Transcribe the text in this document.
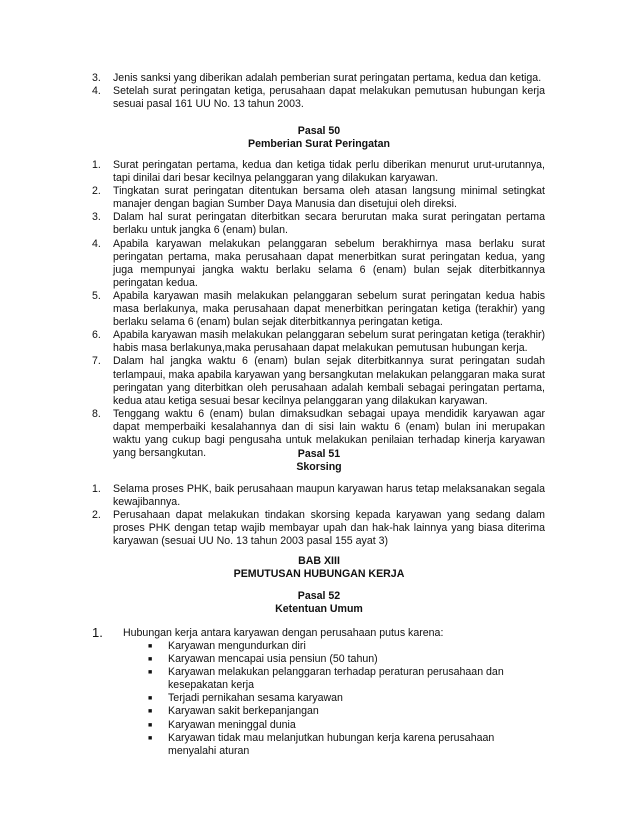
3. Jenis sanksi yang diberikan adalah pemberian surat peringatan pertama, kedua dan ketiga.
4. Setelah surat peringatan ketiga, perusahaan dapat melakukan pemutusan hubungan kerja sesuai pasal 161 UU No. 13 tahun 2003.
Pasal 50
Pemberian Surat Peringatan
1. Surat peringatan pertama, kedua dan ketiga tidak perlu diberikan menurut urut-urutannya, tapi dinilai dari besar kecilnya pelanggaran yang dilakukan karyawan.
2. Tingkatan surat peringatan ditentukan bersama oleh atasan langsung minimal setingkat manajer dengan bagian Sumber Daya Manusia dan disetujui oleh direksi.
3. Dalam hal surat peringatan diterbitkan secara berurutan maka surat peringatan pertama berlaku untuk jangka 6 (enam) bulan.
4. Apabila karyawan melakukan pelanggaran sebelum berakhirnya masa berlaku surat peringatan pertama, maka perusahaan dapat menerbitkan surat peringatan kedua, yang juga mempunyai jangka waktu berlaku selama 6 (enam) bulan sejak diterbitkannya peringatan kedua.
5. Apabila karyawan masih melakukan pelanggaran sebelum surat peringatan kedua habis masa berlakunya, maka perusahaan dapat menerbitkan peringatan ketiga (terakhir) yang berlaku selama 6 (enam) bulan sejak diterbitkannya peringatan ketiga.
6. Apabila karyawan masih melakukan pelanggaran sebelum surat peringatan ketiga (terakhir) habis masa berlakunya,maka perusahaan dapat melakukan pemutusan hubungan kerja.
7. Dalam hal jangka waktu 6 (enam) bulan sejak diterbitkannya surat peringatan sudah terlampaui, maka apabila karyawan yang bersangkutan melakukan pelanggaran maka surat peringatan yang diterbitkan oleh perusahaan adalah kembali sebagai peringatan pertama, kedua atau ketiga sesuai besar kecilnya pelanggaran yang dilakukan karyawan.
8. Tenggang waktu 6 (enam) bulan dimaksudkan sebagai upaya mendidik karyawan agar dapat memperbaiki kesalahannya dan di sisi lain waktu 6 (enam) bulan ini merupakan waktu yang cukup bagi pengusaha untuk melakukan penilaian terhadap kinerja karyawan yang bersangkutan.	Pasal 51
Skorsing
1. Selama proses PHK, baik perusahaan maupun karyawan harus tetap melaksanakan segala kewajibannya.
2. Perusahaan dapat melakukan tindakan skorsing kepada karyawan yang sedang dalam proses PHK dengan tetap wajib membayar upah dan hak-hak lainnya yang biasa diterima karyawan (sesuai UU No. 13 tahun 2003 pasal 155 ayat 3)
BAB XIII
PEMUTUSAN HUBUNGAN KERJA
Pasal 52
Ketentuan Umum
1. Hubungan kerja antara karyawan dengan perusahaan putus karena:
■ Karyawan mengundurkan diri
■ Karyawan mencapai usia pensiun (50 tahun)
■ Karyawan melakukan pelanggaran terhadap peraturan perusahaan dan kesepakatan kerja
■ Terjadi pernikahan sesama karyawan
■ Karyawan sakit berkepanjangan
■ Karyawan meninggal dunia
■ Karyawan tidak mau melanjutkan hubungan kerja karena perusahaan menyalahi aturan
